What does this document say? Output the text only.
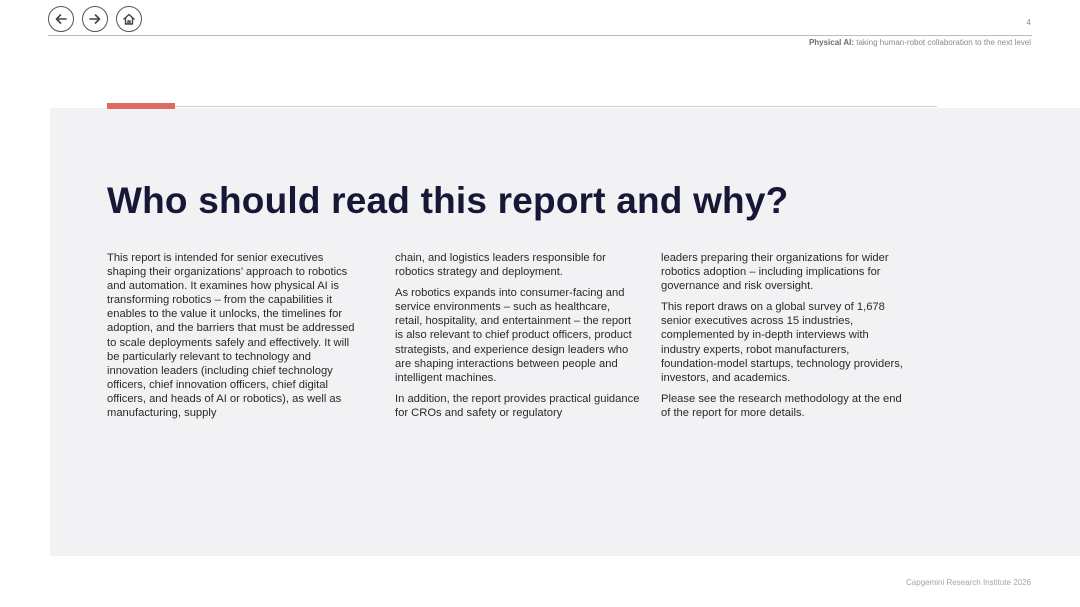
4
Physical AI: taking human-robot collaboration to the next level
Who should read this report and why?

This report is intended for senior executives shaping their organizations’ approach to robotics and automation. It examines how physical AI is transforming robotics – from the capabilities it enables to the value it unlocks, the timelines for adoption, and the barriers that must be addressed to scale deployments safely and effectively. It will be particularly relevant to technology and innovation leaders (including chief technology officers, chief innovation officers, chief digital officers, and heads of AI or robotics), as well as manufacturing, supply

chain, and logistics leaders responsible for robotics strategy and deployment.

As robotics expands into consumer-facing and service environments – such as healthcare, retail, hospitality, and entertainment – the report is also relevant to chief product officers, product strategists, and experience design leaders who are shaping interactions between people and intelligent machines.

In addition, the report provides practical guidance for CROs and safety or regulatory

leaders preparing their organizations for wider robotics adoption – including implications for governance and risk oversight.

This report draws on a global survey of 1,678 senior executives across 15 industries, complemented by in-depth interviews with industry experts, robot manufacturers, foundation-model startups, technology providers, investors, and academics.

Please see the research methodology at the end of the report for more details.

Capgemini Research Institute 2026
